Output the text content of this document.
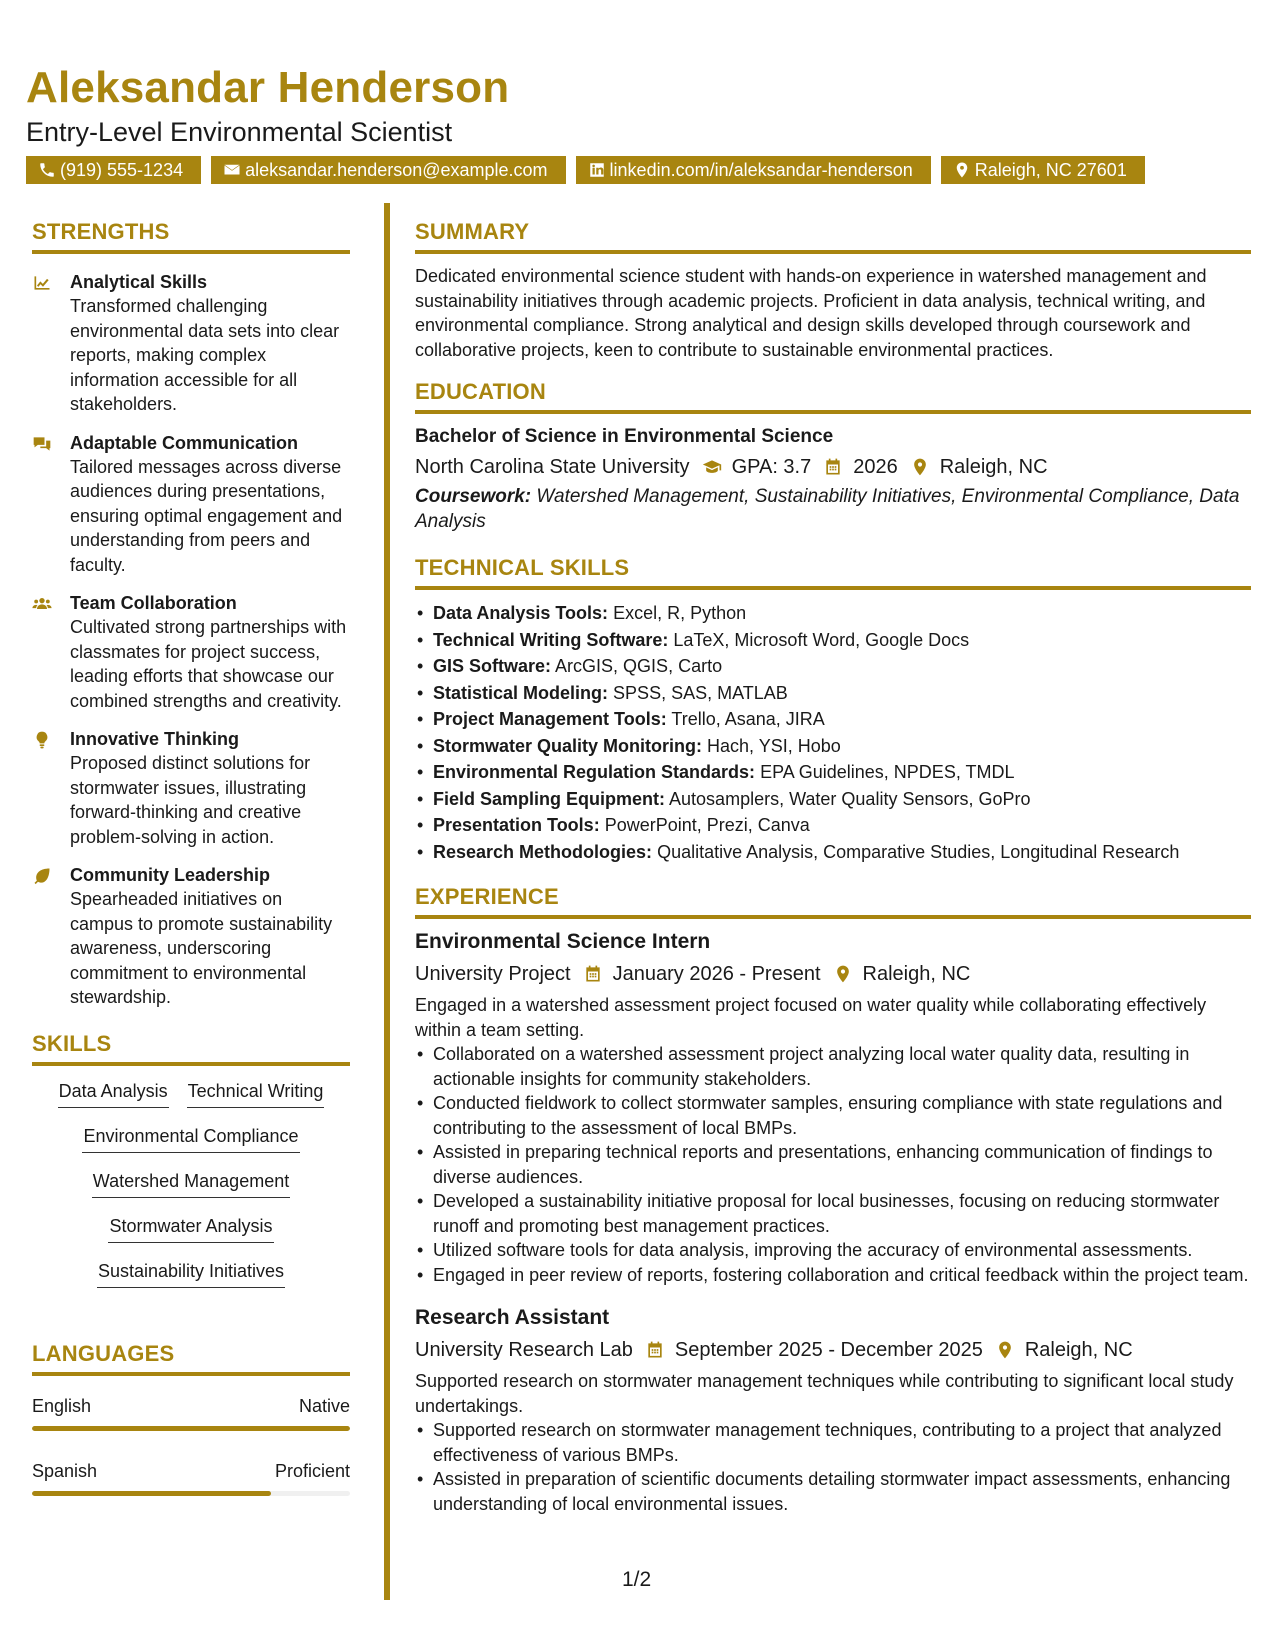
Aleksandar Henderson
Entry-Level Environmental Scientist
(919) 555-1234	aleksandar.henderson@example.com	linkedin.com/in/aleksandar-henderson	Raleigh, NC 27601
STRENGTHS
Analytical Skills
Transformed challenging environmental data sets into clear reports, making complex information accessible for all stakeholders.
Adaptable Communication
Tailored messages across diverse audiences during presentations, ensuring optimal engagement and understanding from peers and faculty.
Team Collaboration
Cultivated strong partnerships with classmates for project success, leading efforts that showcase our combined strengths and creativity.
Innovative Thinking
Proposed distinct solutions for stormwater issues, illustrating forward-thinking and creative problem-solving in action.
Community Leadership
Spearheaded initiatives on campus to promote sustainability awareness, underscoring commitment to environmental stewardship.
SKILLS
Data Analysis Technical Writing
Environmental Compliance
Watershed Management
Stormwater Analysis
Sustainability Initiatives
LANGUAGES
English	Native
Spanish	Proficient
SUMMARY
Dedicated environmental science student with hands-on experience in watershed management and sustainability initiatives through academic projects. Proficient in data analysis, technical writing, and environmental compliance. Strong analytical and design skills developed through coursework and collaborative projects, keen to contribute to sustainable environmental practices.
EDUCATION
Bachelor of Science in Environmental Science
North Carolina State University GPA: 3.7 2026 Raleigh, NC
Coursework: Watershed Management, Sustainability Initiatives, Environmental Compliance, Data Analysis
TECHNICAL SKILLS
• Data Analysis Tools: Excel, R, Python
• Technical Writing Software: LaTeX, Microsoft Word, Google Docs
• GIS Software: ArcGIS, QGIS, Carto
• Statistical Modeling: SPSS, SAS, MATLAB
• Project Management Tools: Trello, Asana, JIRA
• Stormwater Quality Monitoring: Hach, YSI, Hobo
• Environmental Regulation Standards: EPA Guidelines, NPDES, TMDL
• Field Sampling Equipment: Autosamplers, Water Quality Sensors, GoPro
• Presentation Tools: PowerPoint, Prezi, Canva
• Research Methodologies: Qualitative Analysis, Comparative Studies, Longitudinal Research
EXPERIENCE
Environmental Science Intern
University Project January 2026 - Present Raleigh, NC
Engaged in a watershed assessment project focused on water quality while collaborating effectively within a team setting.
• Collaborated on a watershed assessment project analyzing local water quality data, resulting in actionable insights for community stakeholders.
• Conducted fieldwork to collect stormwater samples, ensuring compliance with state regulations and contributing to the assessment of local BMPs.
• Assisted in preparing technical reports and presentations, enhancing communication of findings to diverse audiences.
• Developed a sustainability initiative proposal for local businesses, focusing on reducing stormwater runoff and promoting best management practices.
• Utilized software tools for data analysis, improving the accuracy of environmental assessments.
• Engaged in peer review of reports, fostering collaboration and critical feedback within the project team.
Research Assistant
University Research Lab September 2025 - December 2025 Raleigh, NC
Supported research on stormwater management techniques while contributing to significant local study undertakings.
• Supported research on stormwater management techniques, contributing to a project that analyzed effectiveness of various BMPs.
• Assisted in preparation of scientific documents detailing stormwater impact assessments, enhancing understanding of local environmental issues.
1/2
